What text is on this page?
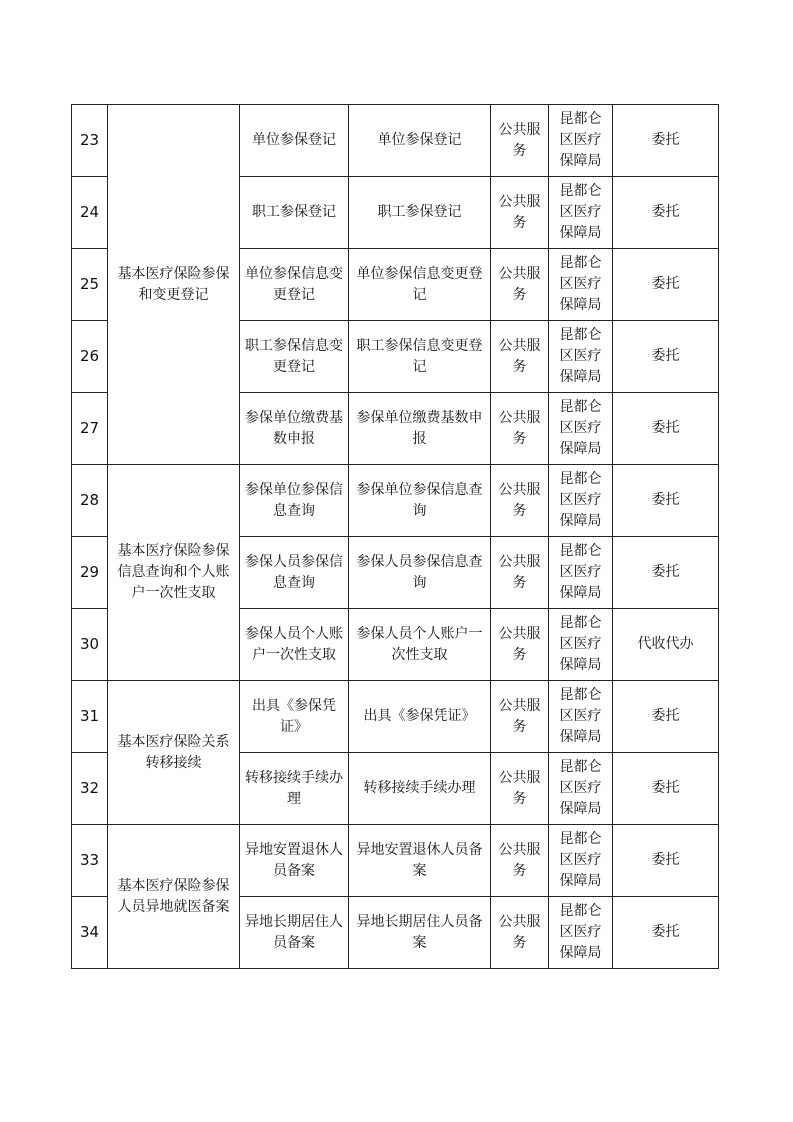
23	基本医疗保险参保和变更登记	单位参保登记	单位参保登记	公共服务	昆都仑区医疗保障局	委托
24		职工参保登记	职工参保登记	公共服务	昆都仑区医疗保障局	委托
25		单位参保信息变更登记	单位参保信息变更登记	公共服务	昆都仑区医疗保障局	委托
26		职工参保信息变更登记	职工参保信息变更登记	公共服务	昆都仑区医疗保障局	委托
27		参保单位缴费基数申报	参保单位缴费基数申报	公共服务	昆都仑区医疗保障局	委托
28	基本医疗保险参保信息查询和个人账户一次性支取	参保单位参保信息查询	参保单位参保信息查询	公共服务	昆都仑区医疗保障局	委托
29		参保人员参保信息查询	参保人员参保信息查询	公共服务	昆都仑区医疗保障局	委托
30		参保人员个人账户一次性支取	参保人员个人账户一次性支取	公共服务	昆都仑区医疗保障局	代收代办
31	基本医疗保险关系转移接续	出具《参保凭证》	出具《参保凭证》	公共服务	昆都仑区医疗保障局	委托
32		转移接续手续办理	转移接续手续办理	公共服务	昆都仑区医疗保障局	委托
33	基本医疗保险参保人员异地就医备案	异地安置退休人员备案	异地安置退休人员备案	公共服务	昆都仑区医疗保障局	委托
34		异地长期居住人员备案	异地长期居住人员备案	公共服务	昆都仑区医疗保障局	委托
